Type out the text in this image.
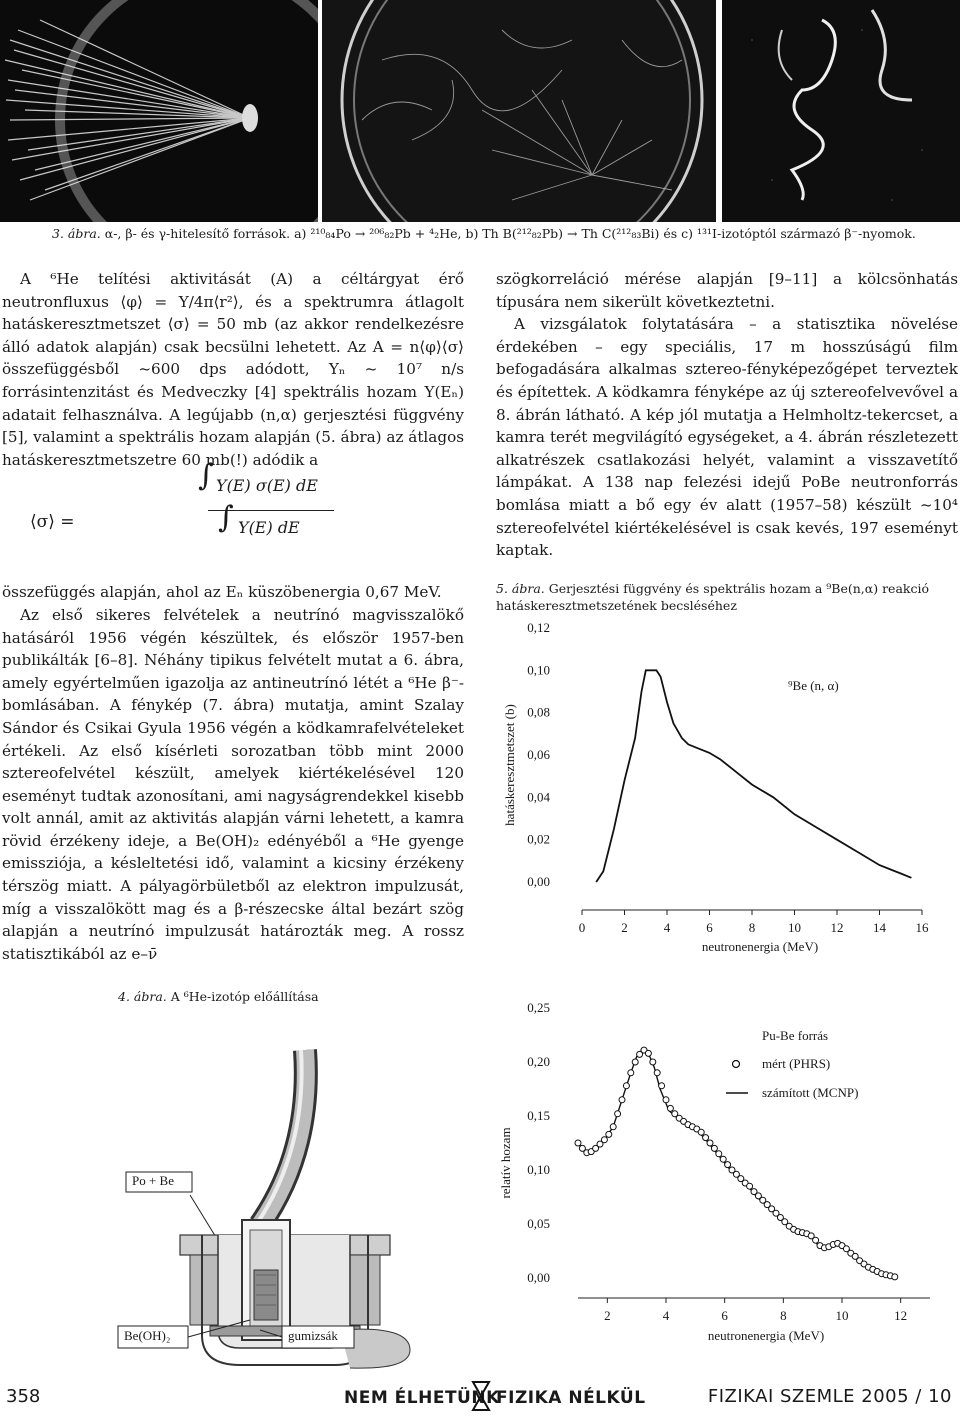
3. ábra. α-, β- és γ-hitelesítő források. a) ²¹⁰₈₄Po → ²⁰⁶₈₂Pb + ⁴₂He, b) Th B(²¹²₈₂Pb) → Th C(²¹²₈₃Bi) és c) ¹³¹I-izotóptól származó β⁻-nyomok.

A ⁶He telítési aktivitását (A) a céltárgyat érő neutronfluxus ⟨φ⟩ = Y/4π⟨r²⟩, és a spektrumra átlagolt hatáskeresztmetszet ⟨σ⟩ = 50 mb (az akkor rendelkezésre álló adatok alapján) csak becsülni lehetett. Az A = n⟨φ⟩⟨σ⟩ összefüggésből ~600 dps adódott, Yₙ ~ 10⁷ n/s forrásintenzitást és Medveczky [4] spektrális hozam Y(Eₙ) adatait felhasználva. A legújabb (n,α) gerjesztési függvény [5], valamint a spektrális hozam alapján (5. ábra) az átlagos hatáskeresztmetszetre 60 mb(!) adódik a

⟨σ⟩ =
∫ Y(E) σ(E) dE
∫ Y(E) dE

összefüggés alapján, ahol az Eₙ küszöbenergia 0,67 MeV.

Az első sikeres felvételek a neutrínó magvisszalökő hatásáról 1956 végén készültek, és először 1957-ben publikálták [6–8]. Néhány tipikus felvételt mutat a 6. ábra, amely egyértelműen igazolja az antineutrínó létét a ⁶He β⁻-bomlásában. A fénykép (7. ábra) mutatja, amint Szalay Sándor és Csikai Gyula 1956 végén a ködkamrafelvételeket értékeli. Az első kísérleti sorozatban több mint 2000 sztereofelvétel készült, amelyek kiértékelésével 120 eseményt tudtak azonosítani, ami nagyságrendekkel kisebb volt annál, amit az aktivitás alapján várni lehetett, a kamra rövid érzékeny ideje, a Be(OH)₂ edényéből a ⁶He gyenge emissziója, a késleltetési idő, valamint a kicsiny érzékeny térszög miatt. A pályagörbületből az elektron impulzusát, míg a visszalökött mag és a β-részecske által bezárt szög alapján a neutrínó impulzusát határozták meg. A rossz statisztikából az e–ν̄

Po + Be
Be(OH)₂	gumizsák
4. ábra. A ⁶He-izotóp előállítása

szögkorreláció mérése alapján [9–11] a kölcsönhatás típusára nem sikerült következtetni.

A vizsgálatok folytatására – a statisztika növelése érdekében – egy speciális, 17 m hosszúságú film befogadására alkalmas sztereo-fényképezőgépet terveztek és építettek. A ködkamra fényképe az új sztereofelvevővel a 8. ábrán látható. A kép jól mutatja a Helmholtz-tekercset, a kamra terét megvilágító egységeket, a 4. ábrán részletezett alkatrészek csatlakozási helyét, valamint a visszavetítő lámpákat. A 138 nap felezési idejű PoBe neutronforrás bomlása miatt a bő egy év alatt (1957–58) készült ~10⁴ sztereofelvétel kiértékelésével is csak kevés, 197 eseményt kaptak.

5. ábra. Gerjesztési függvény és spektrális hozam a ⁹Be(n,α) reakció hatáskeresztmetszetének becsléséhez
0,00
0,02
0,04
0,06
0,08
0,10
0,12
0	2	4	6	8	10 12 14 16
neutronenergia (MeV)
hatáskeresztmetszet (b)
⁹Be (n, α)
0,00
0,05
0,10
0,15
0,20
0,25
2	4	6	8	10	12
neutronenergia (MeV)
relatív hozam
Pu-Be forrás
mért (PHRS)
számított (MCNP)
358	NEM ÉLHETÜNK
FIZIKA NÉLKÜL	FIZIKAI SZEMLE 2005 / 10
